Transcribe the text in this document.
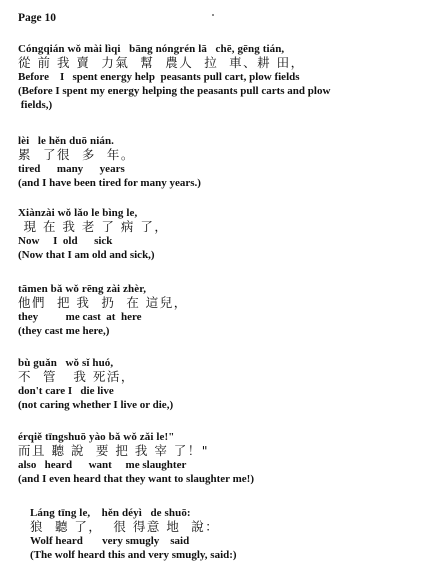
Page 10

Cóngqián wǒ mài lìqi   bāng nóngrén lā   chē, gēng tián,

從 前 我 賣  力氣  幫  農人  拉  車、耕 田，

Before    I   spent energy help  peasants pull cart, plow fields

(Before I spent my energy helping the peasants pull carts and plow
fields,)

lèi   le hěn duō nián.

累  了很  多  年。

tired      many      years

(and I have been tired for many years.)

Xiànzài wǒ lǎo le bìng le,

現 在 我 老 了 病 了，

Now     I  old      sick

(Now that I am old and sick,)

tāmen bǎ wǒ rēng zài zhèr,

他們  把 我  扔  在 這兒，

they          me cast  at  here

(they cast me here,)

bù guǎn   wǒ sǐ huó,

不  管   我 死活，

don't care I   die live

(not caring whether I live or die,)

érqiě tīngshuō yào bǎ wǒ zǎi le!"

而且 聽 說  要 把 我 宰 了！"

also   heard      want     me slaughter

(and I even heard that they want to slaughter me!)

Láng tīng le,    hěn déyì   de shuō:

狼  聽 了，  很 得意 地  說：

Wolf heard       very smugly    said

(The wolf heard this and very smugly, said:)
